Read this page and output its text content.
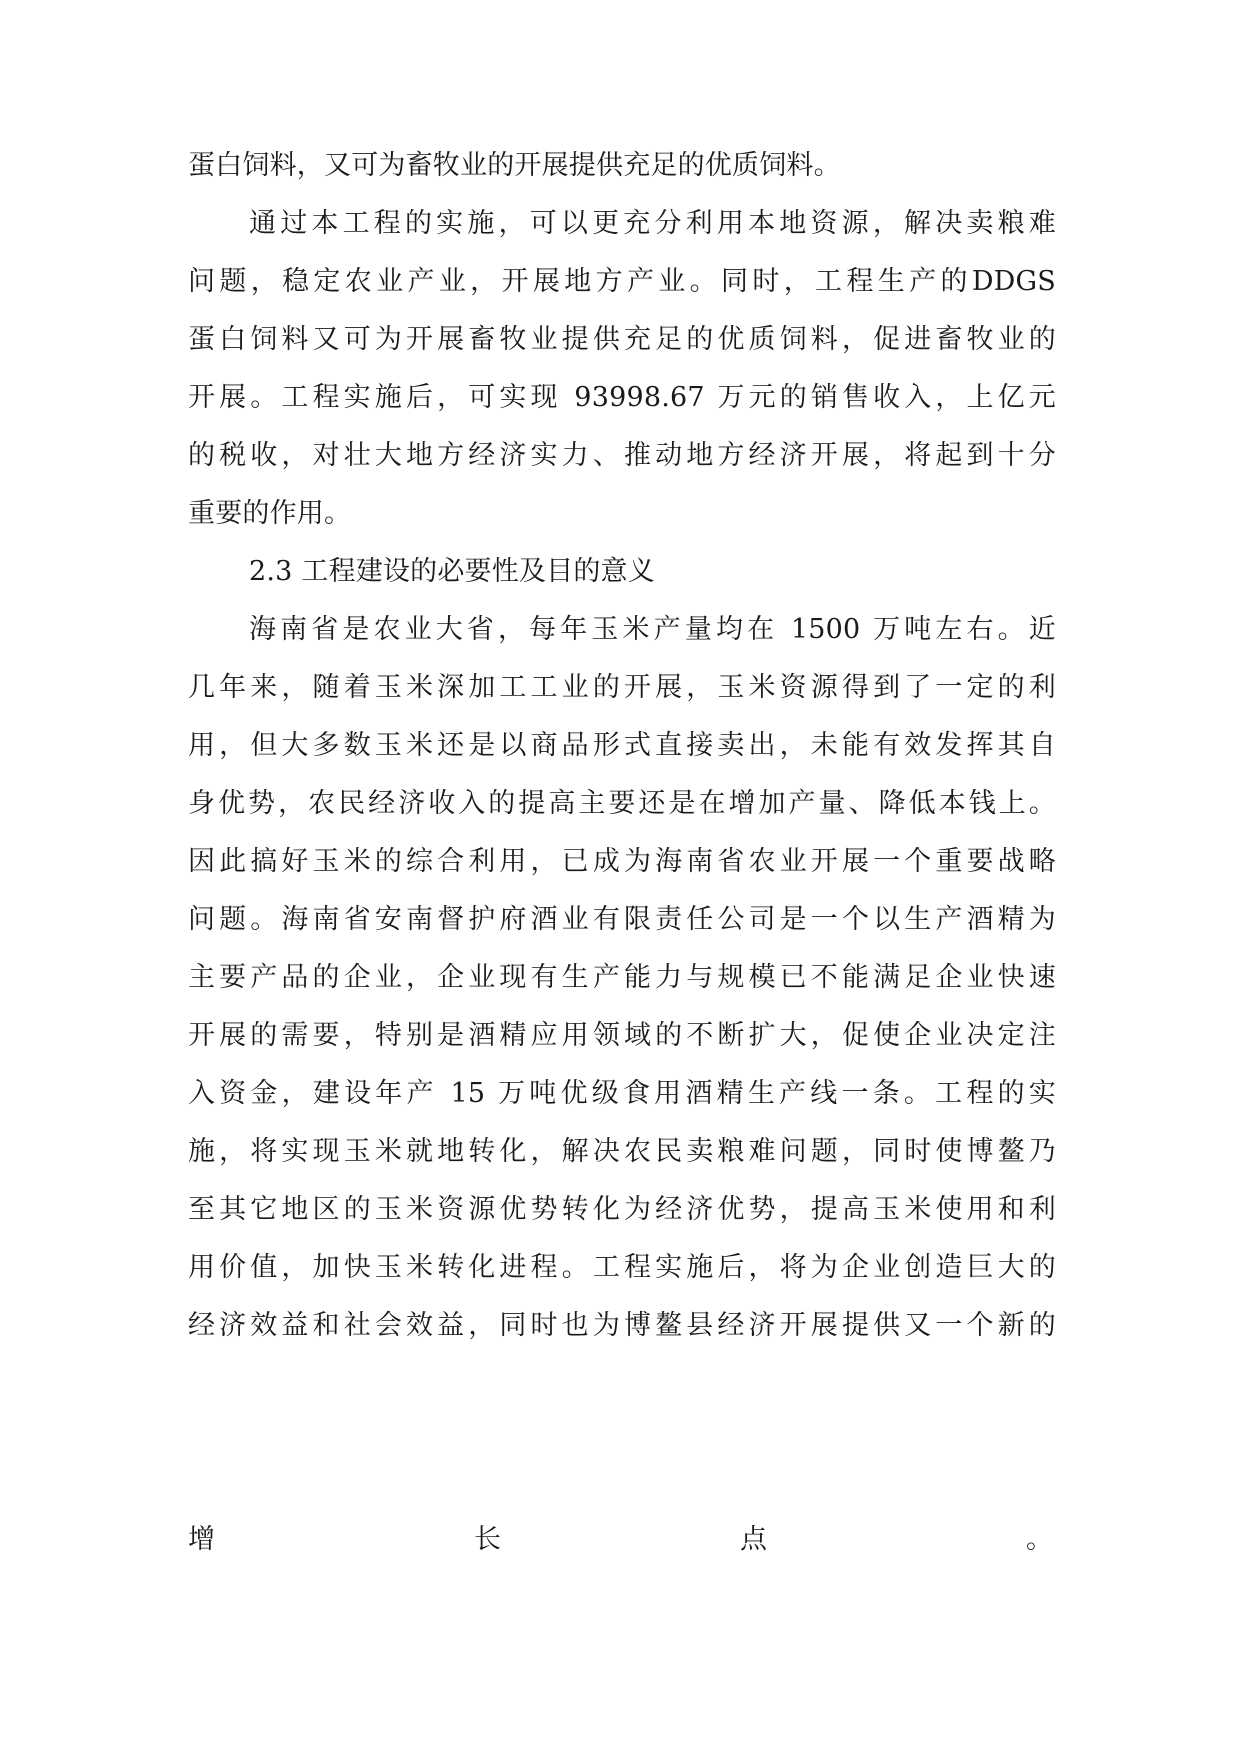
蛋白饲料，又可为畜牧业的开展提供充足的优质饲料。
通过本工程的实施，可以更充分利用本地资源，解决卖粮难
问题，稳定农业产业，开展地方产业。同时，工程生产的DDGS
蛋白饲料又可为开展畜牧业提供充足的优质饲料，促进畜牧业的
开展。工程实施后，可实现 93998.67 万元的销售收入，上亿元
的税收，对壮大地方经济实力、推动地方经济开展，将起到十分
重要的作用。
2.3 工程建设的必要性及目的意义
海南省是农业大省，每年玉米产量均在 1500 万吨左右。近
几年来，随着玉米深加工工业的开展，玉米资源得到了一定的利
用，但大多数玉米还是以商品形式直接卖出，未能有效发挥其自
身优势，农民经济收入的提高主要还是在增加产量、降低本钱上。
因此搞好玉米的综合利用，已成为海南省农业开展一个重要战略
问题。海南省安南督护府酒业有限责任公司是一个以生产酒精为
主要产品的企业，企业现有生产能力与规模已不能满足企业快速
开展的需要，特别是酒精应用领域的不断扩大，促使企业决定注
入资金，建设年产 15 万吨优级食用酒精生产线一条。工程的实
施，将实现玉米就地转化，解决农民卖粮难问题，同时使博鳌乃
至其它地区的玉米资源优势转化为经济优势，提高玉米使用和利
用价值，加快玉米转化进程。工程实施后，将为企业创造巨大的
经济效益和社会效益，同时也为博鳌县经济开展提供又一个新的
增	长	点	。
